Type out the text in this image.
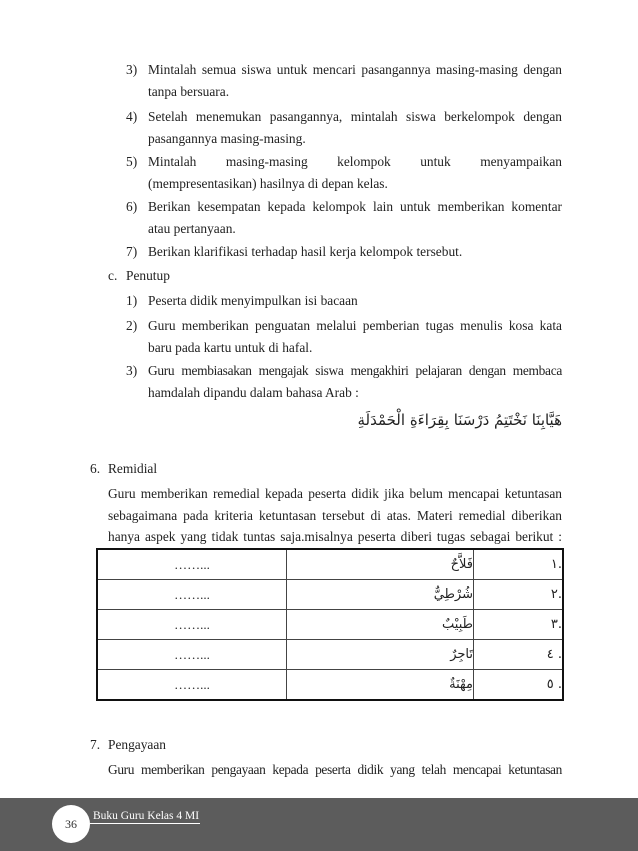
3) Mintalah semua siswa untuk mencari pasangannya masing-masing dengan
tanpa bersuara.
4) Setelah menemukan pasangannya, mintalah siswa berkelompok dengan
pasangannya masing-masing.
5) Mintalah masing-masing kelompok untuk menyampaikan
(mempresentasikan) hasilnya di depan kelas.
6) Berikan kesempatan kepada kelompok lain untuk memberikan komentar
atau pertanyaan.
7) Berikan klarifikasi terhadap hasil kerja kelompok tersebut.
c. Penutup
1) Peserta didik menyimpulkan isi bacaan
2) Guru memberikan penguatan melalui pemberian tugas menulis kosa kata
baru pada kartu untuk di hafal.
3) Guru membiasakan mengajak siswa mengakhiri pelajaran dengan membaca
hamdalah dipandu dalam bahasa Arab :
هَيَّابِنَا نَخْتَتِمُ دَرْسَنَا بِقِرَاءَةِ الْحَمْدَلَةِ
6. Remidial
Guru memberikan remedial kepada peserta didik jika belum mencapai ketuntasan
sebagaimana pada kriteria ketuntasan tersebut di atas. Materi remedial diberikan
hanya aspek yang tidak tuntas saja.misalnya peserta diberi tugas sebagai berikut :
……...	فَلاَّحٌ	.١
……...	شُرْطِيٌّ	.٢
……...	طَبِيْبٌ	.٣
……...	تَاجِرٌ	. ٤
……...	مِهْنَةٌ	. ٥
7. Pengayaan
Guru memberikan pengayaan kepada peserta didik yang telah mencapai ketuntasan
36
Buku Guru Kelas 4 MI
